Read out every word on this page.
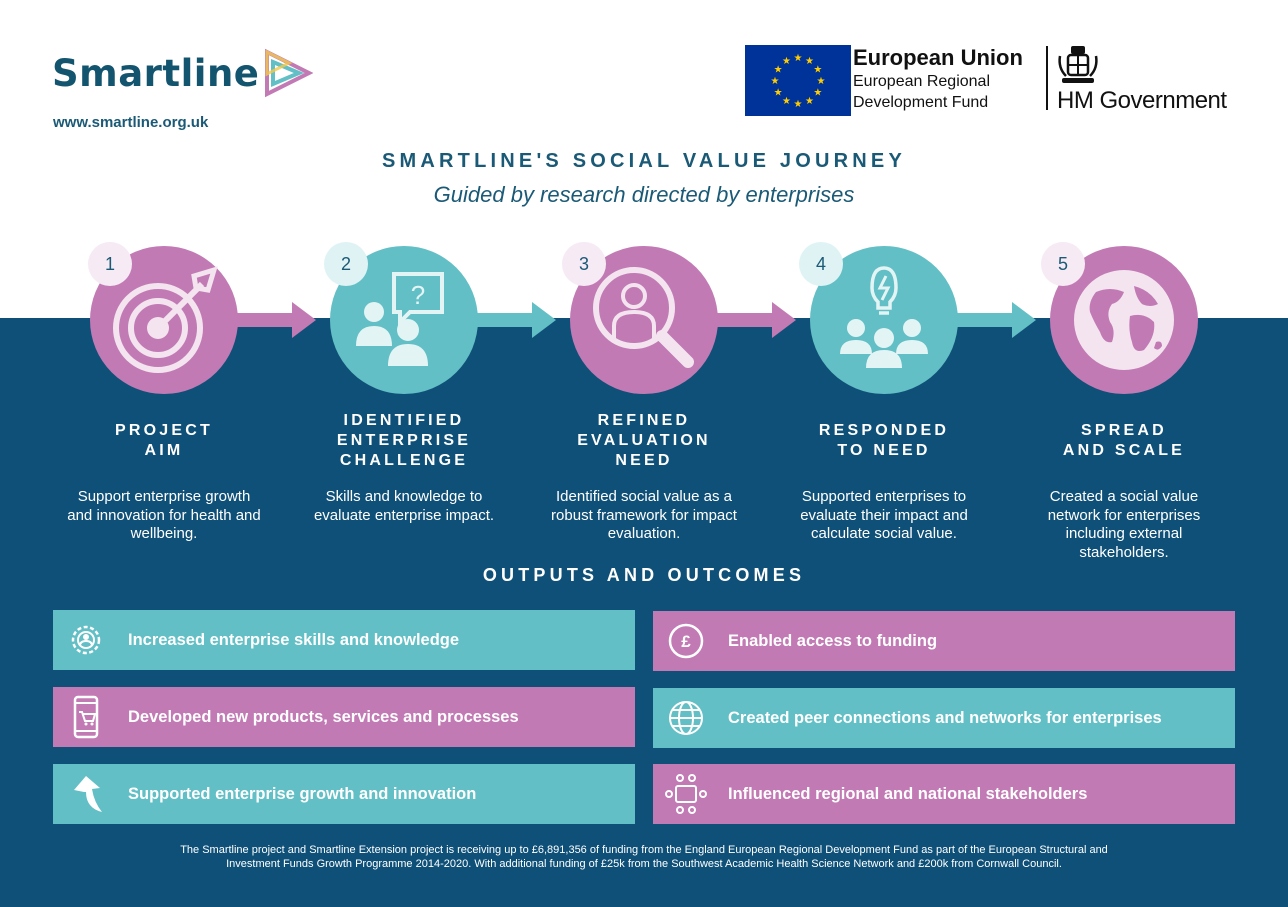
Smartline
www.smartline.org.uk
★ ★
★
★
★
★
★
★
★
★
★
★	European Union
European Regional
Development Fund	HM Government
SMARTLINE'S SOCIAL VALUE JOURNEY
Guided by research directed by enterprises
1
PROJECT
AIM
Support enterprise growth and innovation for health and wellbeing.
?
2
IDENTIFIED
ENTERPRISE
CHALLENGE
Skills and knowledge to evaluate enterprise impact.
3
REFINED
EVALUATION
NEED
Identified social value as a robust framework for impact evaluation.
4
RESPONDED
TO NEED
Supported enterprises to evaluate their impact and calculate social value.
5
SPREAD
AND SCALE
Created a social value network for enterprises including external stakeholders.
OUTPUTS AND OUTCOMES
Increased enterprise skills and knowledge	£ Enabled access to funding
Developed new products, services and processes	Created peer connections and networks for enterprises
Supported enterprise growth and innovation	Influenced regional and national stakeholders
The Smartline project and Smartline Extension project is receiving up to £6,891,356 of funding from the England European Regional Development Fund as part of the European Structural and
Investment Funds Growth Programme 2014-2020. With additional funding of £25k from the Southwest Academic Health Science Network and £200k from Cornwall Council.
